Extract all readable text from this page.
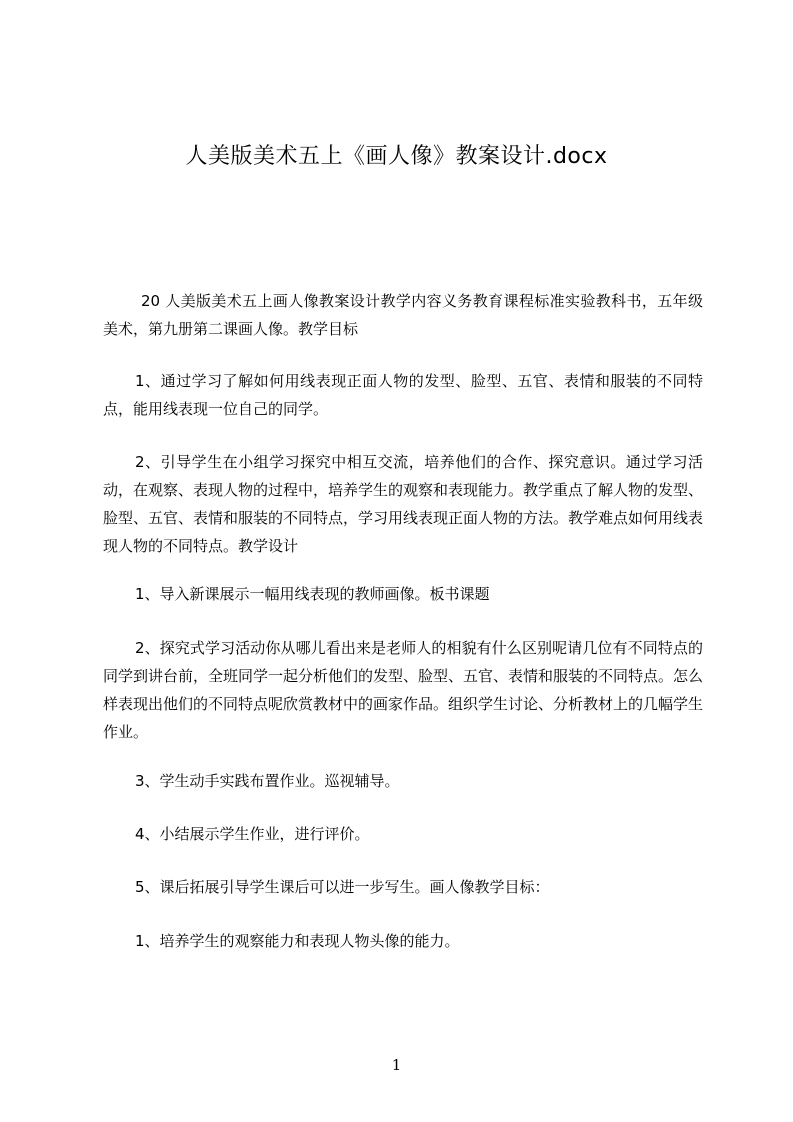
人美版美术五上《画人像》教案设计.docx

20 人美版美术五上画人像教案设计教学内容义务教育课程标准实验教科书，五年级美术，第九册第二课画人像。教学目标

1、通过学习了解如何用线表现正面人物的发型、脸型、五官、表情和服装的不同特点，能用线表现一位自己的同学。

2、引导学生在小组学习探究中相互交流，培养他们的合作、探究意识。通过学习活动，在观察、表现人物的过程中，培养学生的观察和表现能力。教学重点了解人物的发型、脸型、五官、表情和服装的不同特点，学习用线表现正面人物的方法。教学难点如何用线表现人物的不同特点。教学设计

1、导入新课展示一幅用线表现的教师画像。板书课题

2、探究式学习活动你从哪儿看出来是老师人的相貌有什么区别呢请几位有不同特点的同学到讲台前，全班同学一起分析他们的发型、脸型、五官、表情和服装的不同特点。怎么样表现出他们的不同特点呢欣赏教材中的画家作品。组织学生讨论、分析教材上的几幅学生作业。

3、学生动手实践布置作业。巡视辅导。

4、小结展示学生作业，进行评价。

5、课后拓展引导学生课后可以进一步写生。画人像教学目标：

1、培养学生的观察能力和表现人物头像的能力。

1
